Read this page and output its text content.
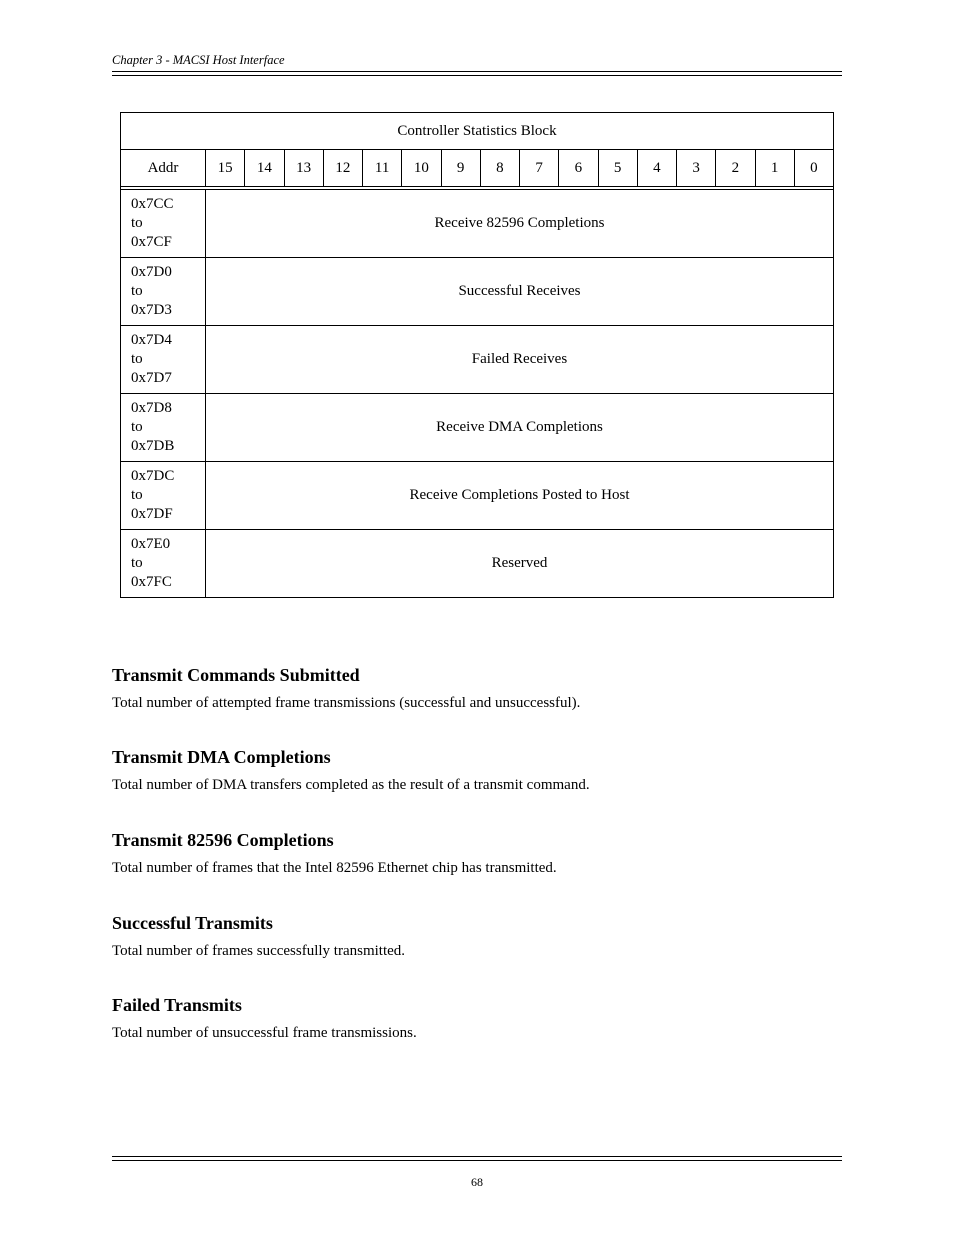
Chapter 3 - MACSI Host Interface
Controller Statistics Block																
Addr	15	14	13	12	11	10	9	8	7	6	5	4	3	2	1	0

0x7CC
to
0x7CF	Receive 82596 Completions															
0x7D0
to
0x7D3	Successful Receives															
0x7D4
to
0x7D7	Failed Receives															
0x7D8
to
0x7DB	Receive DMA Completions															
0x7DC
to
0x7DF	Receive Completions Posted to Host															
0x7E0
to
0x7FC	Reserved															
Transmit Commands Submitted

Total number of attempted frame transmissions (successful and unsuccessful).

Transmit DMA Completions

Total number of DMA transfers completed as the result of a transmit command.

Transmit 82596 Completions

Total number of frames that the Intel 82596 Ethernet chip has transmitted.

Successful Transmits

Total number of frames successfully transmitted.

Failed Transmits

Total number of unsuccessful frame transmissions.

68
